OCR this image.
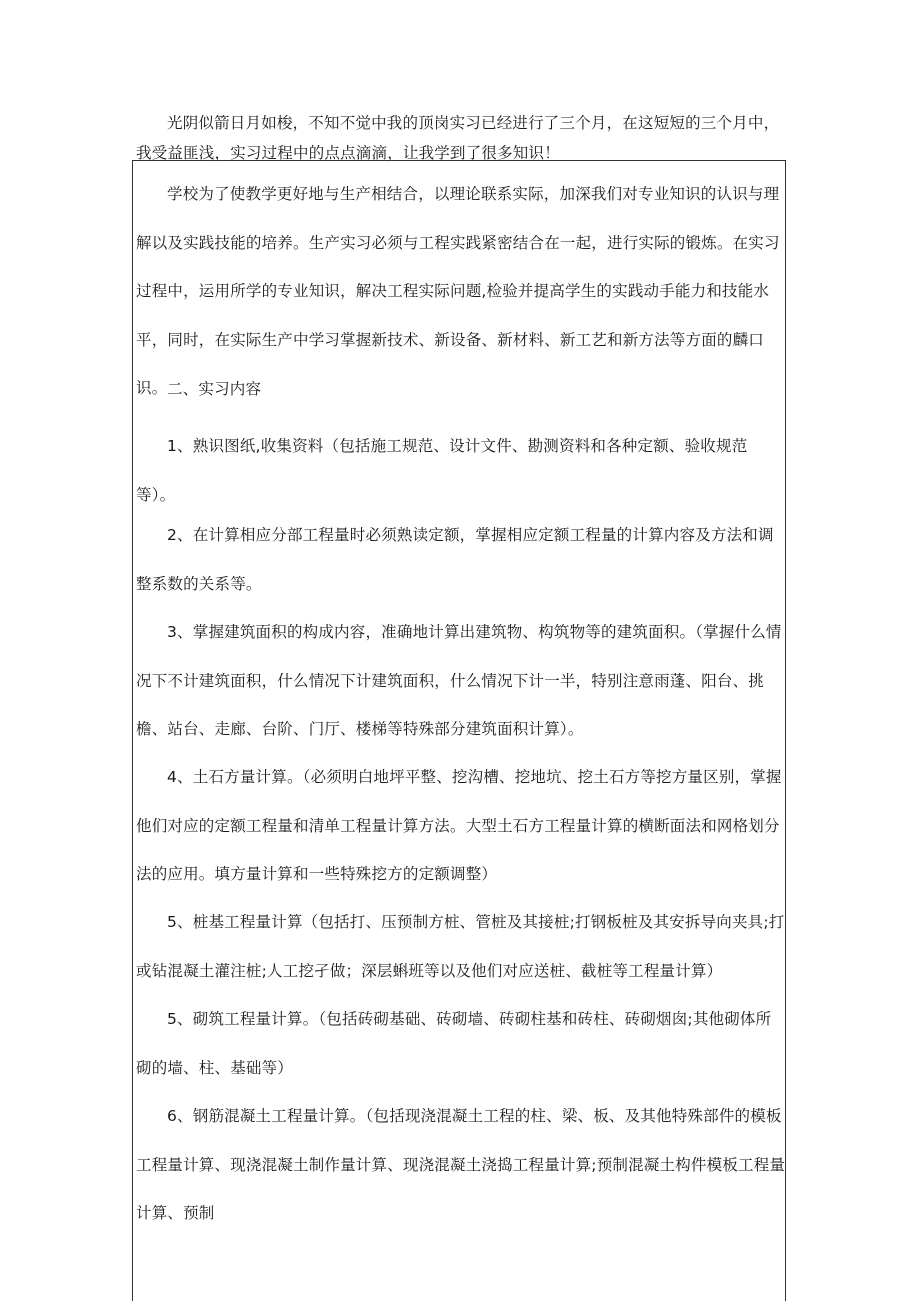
光阴似箭日月如梭，不知不觉中我的顶岗实习已经进行了三个月，在这短短的三个月中，我受益匪浅，实习过程中的点点滴滴，让我学到了很多知识！

学校为了使教学更好地与生产相结合，以理论联系实际，加深我们对专业知识的认识与理解以及实践技能的培养。生产实习必须与工程实践紧密结合在一起，进行实际的锻炼。在实习过程中，运用所学的专业知识，解决工程实际问题,检验并提高学生的实践动手能力和技能水平，同时，在实际生产中学习掌握新技术、新设备、新材料、新工艺和新方法等方面的麟口识。 二、实习内容

1、熟识图纸,收集资料（包括施工规范、设计文件、勘测资料和各种定额、验收规范等）。

2、在计算相应分部工程量时必须熟读定额，掌握相应定额工程量的计算内容及方法和调整系数的关系等。

3、掌握建筑面积的构成内容，准确地计算出建筑物、构筑物等的建筑面积。（掌握什么情况下不计建筑面积，什么情况下计建筑面积，什么情况下计一半，特别注意雨蓬、阳台、挑檐、站台、走廊、台阶、门厅、楼梯等特殊部分建筑面积计算）。

4、土石方量计算。（必须明白地坪平整、挖沟槽、挖地坑、挖土石方等挖方量区别，掌握他们对应的定额工程量和清单工程量计算方法。大型土石方工程量计算的横断面法和网格划分法的应用。填方量计算和一些特殊挖方的定额调整）

5、桩基工程量计算（包括打、压预制方桩、管桩及其接桩;打钢板桩及其安拆导向夹具;打或钻混凝土灌注桩;人工挖孑做；深层蝌班等以及他们对应送桩、截桩等工程量计算）

5、砌筑工程量计算。（包括砖砌基础、砖砌墙、砖砌柱基和砖柱、砖砌烟囱;其他砌体所砌的墙、柱、基础等）

6、钢筋混凝土工程量计算。（包括现浇混凝土工程的柱、梁、板、及其他特殊部件的模板工程量计算、现浇混凝土制作量计算、现浇混凝土浇捣工程量计算;预制混凝土构件模板工程量计算、预制
